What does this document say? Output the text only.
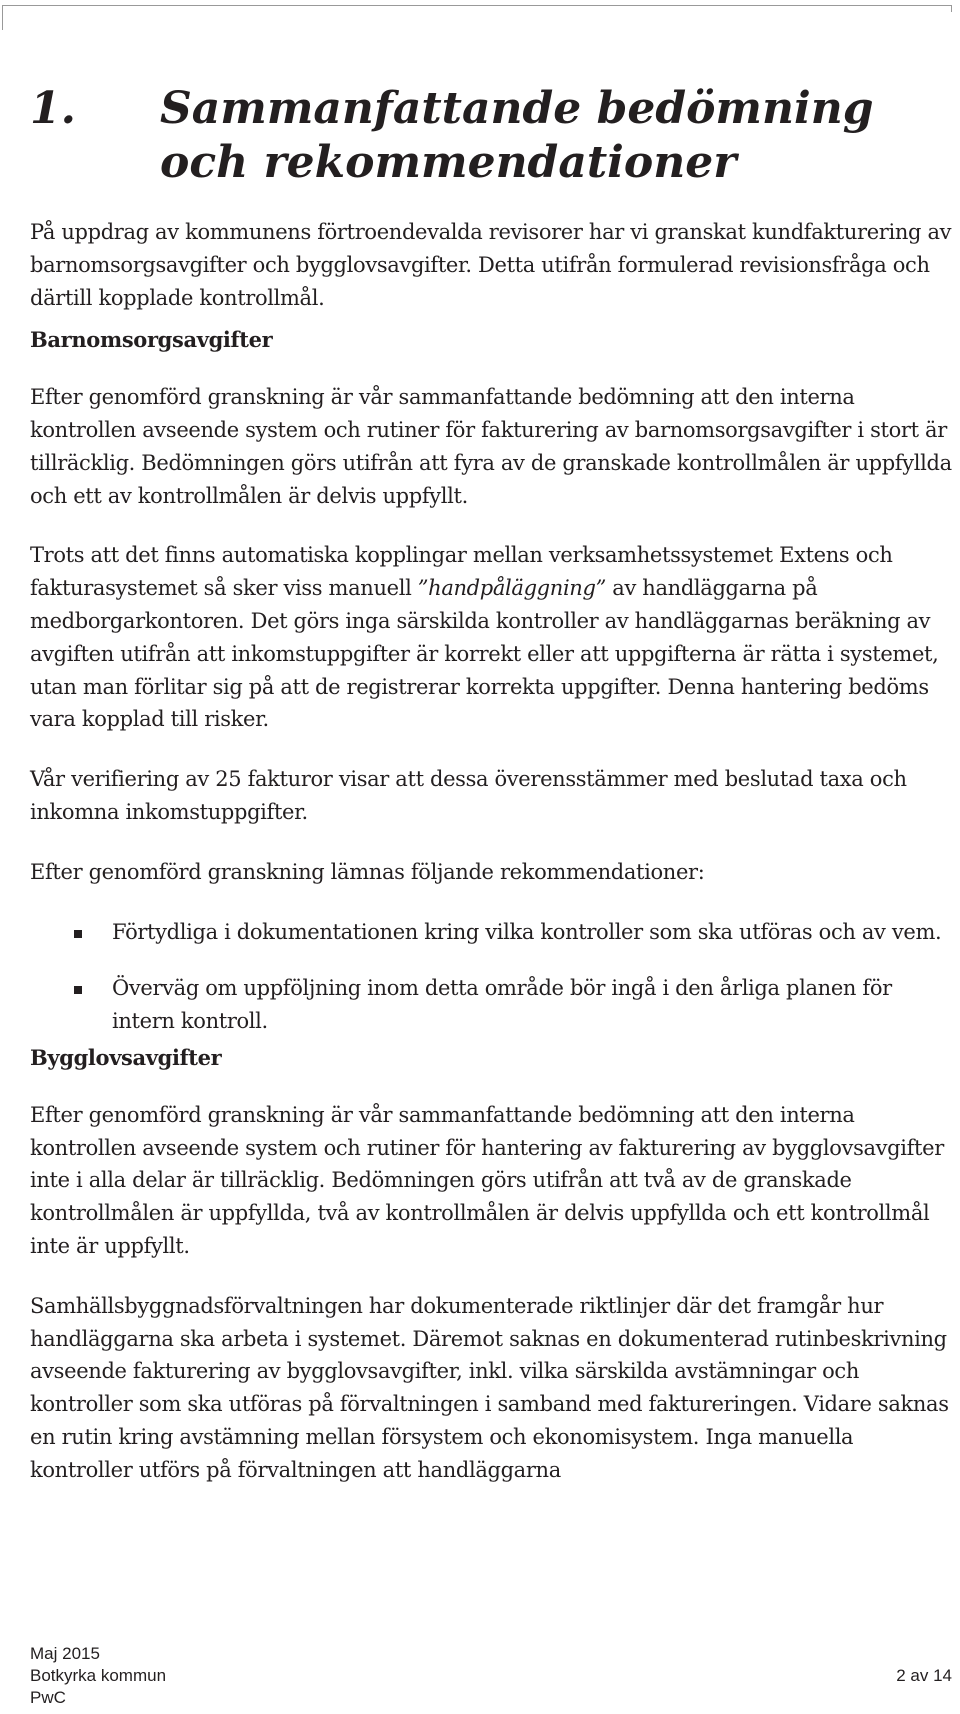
1.	Sammanfattande bedömning och rekommendationer

På uppdrag av kommunens förtroendevalda revisorer har vi granskat kundfakturering av barnomsorgsavgifter och bygglovsavgifter. Detta utifrån formulerad revisionsfråga och därtill kopplade kontrollmål.

Barnomsorgsavgifter

Efter genomförd granskning är vår sammanfattande bedömning att den interna kontrollen avseende system och rutiner för fakturering av barnomsorgsavgifter i stort är tillräcklig. Bedömningen görs utifrån att fyra av de granskade kontrollmålen är uppfyllda och ett av kontrollmålen är delvis uppfyllt.

Trots att det finns automatiska kopplingar mellan verksamhetssystemet Extens och fakturasystemet så sker viss manuell ”handpåläggning” av handläggarna på medborgarkontoren. Det görs inga särskilda kontroller av handläggarnas beräkning av avgiften utifrån att inkomstuppgifter är korrekt eller att uppgifterna är rätta i systemet, utan man förlitar sig på att de registrerar korrekta uppgifter. Denna hantering bedöms vara kopplad till risker.

Vår verifiering av 25 fakturor visar att dessa överensstämmer med beslutad taxa och inkomna inkomstuppgifter.

Efter genomförd granskning lämnas följande rekommendationer:

Förtydliga i dokumentationen kring vilka kontroller som ska utföras och av vem.
Överväg om uppföljning inom detta område bör ingå i den årliga planen för intern kontroll.
Bygglovsavgifter

Efter genomförd granskning är vår sammanfattande bedömning att den interna kontrollen avseende system och rutiner för hantering av fakturering av bygglovsavgifter inte i alla delar är tillräcklig. Bedömningen görs utifrån att två av de granskade kontrollmålen är uppfyllda, två av kontrollmålen är delvis uppfyllda och ett kontrollmål inte är uppfyllt.

Samhällsbyggnadsförvaltningen har dokumenterade riktlinjer där det framgår hur handläggarna ska arbeta i systemet. Däremot saknas en dokumenterad rutinbeskrivning avseende fakturering av bygglovsavgifter, inkl. vilka särskilda avstämningar och kontroller som ska utföras på förvaltningen i samband med faktureringen. Vidare saknas en rutin kring avstämning mellan försystem och ekonomisystem. Inga manuella kontroller utförs på förvaltningen att handläggarna

Maj 2015
Botkyrka kommun
PwC
2 av 14
